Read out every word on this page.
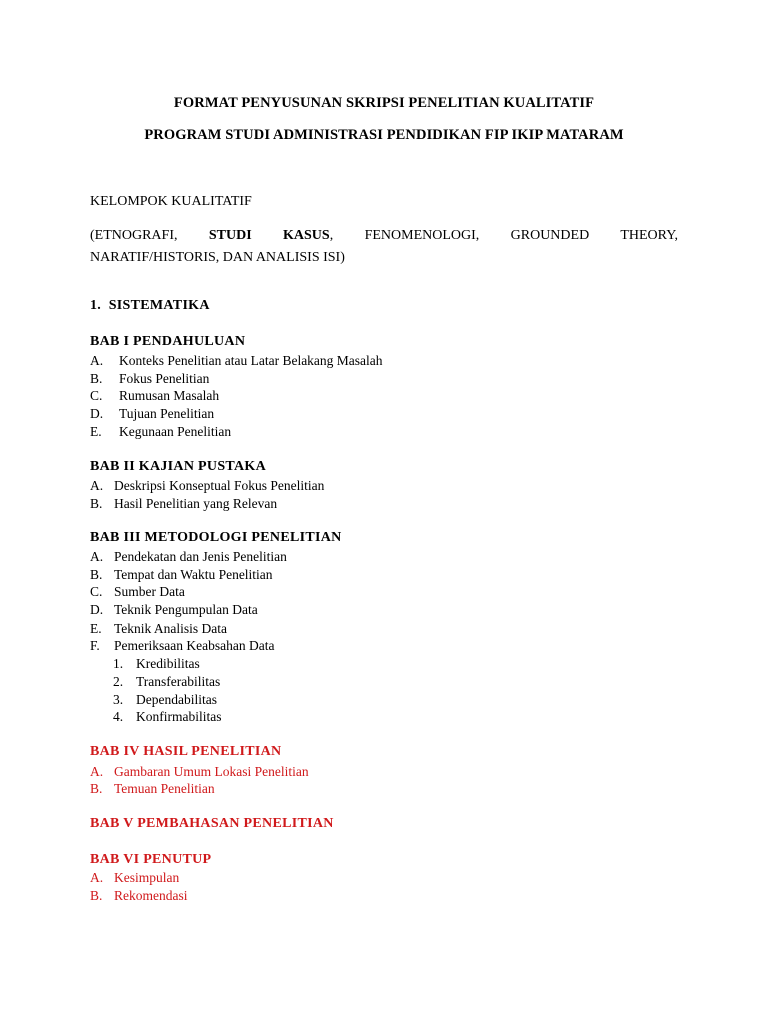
FORMAT PENYUSUNAN SKRIPSI PENELITIAN KUALITATIF
PROGRAM STUDI ADMINISTRASI PENDIDIKAN FIP IKIP MATARAM
KELOMPOK KUALITATIF
(ETNOGRAFI, STUDI KASUS, FENOMENOLOGI, GROUNDED THEORY,
NARATIF/HISTORIS, DAN ANALISIS ISI)
1. SISTEMATIKA
BAB I PENDAHULUAN
A. Konteks Penelitian atau Latar Belakang Masalah
B. Fokus Penelitian
C. Rumusan Masalah
D. Tujuan Penelitian
E. Kegunaan Penelitian
BAB II KAJIAN PUSTAKA
A. Deskripsi Konseptual Fokus Penelitian
B. Hasil Penelitian yang Relevan
BAB III METODOLOGI PENELITIAN
A. Pendekatan dan Jenis Penelitian
B. Tempat dan Waktu Penelitian
C. Sumber Data
D. Teknik Pengumpulan Data
E. Teknik Analisis Data
F. Pemeriksaan Keabsahan Data
1. Kredibilitas
2. Transferabilitas
3. Dependabilitas
4. Konfirmabilitas
BAB IV HASIL PENELITIAN
A. Gambaran Umum Lokasi Penelitian
B. Temuan Penelitian
BAB V PEMBAHASAN PENELITIAN
BAB VI PENUTUP
A. Kesimpulan
B. Rekomendasi
